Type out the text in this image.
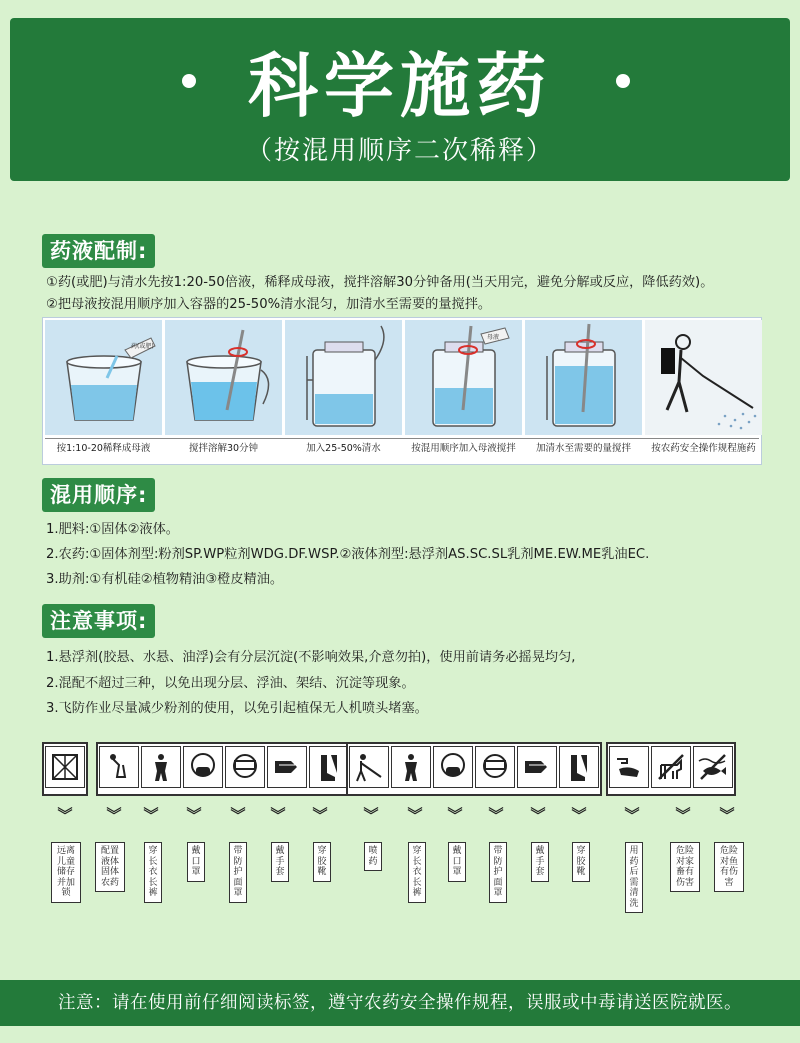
科学施药
（按混用顺序二次稀释）
药液配制:
①药(或肥)与清水先按1:20-50倍液，稀释成母液，搅拌溶解30分钟备用(当天用完，避免分解或反应，降低药效)。
②把母液按混用顺序加入容器的25-50%清水混匀，加清水至需要的量搅拌。
药(或肥)
母液
按1:10-20稀释成母液	搅拌溶解30分钟	加入25-50%清水	按混用顺序加入母液搅拌	加清水至需要的量搅拌	按农药安全操作规程施药
混用顺序:
1.肥料:①固体②液体。
2.农药:①固体剂型:粉剂SP.WP粒剂WDG.DF.WSP.②液体剂型:悬浮剂AS.SC.SL乳剂ME.EW.ME乳油EC.
3.助剂:①有机硅②植物精油③橙皮精油。
注意事项:
1.悬浮剂(胶悬、水悬、油浮)会有分层沉淀(不影响效果,介意勿拍)，使用前请务必摇晃均匀,
2.混配不超过三种，以免出现分层、浮油、架结、沉淀等现象。
3.飞防作业尽量减少粉剂的使用，以免引起植保无人机喷头堵塞。
︾ ︾ ︾ ︾ ︾ ︾ ︾ ︾ ︾ ︾ ︾ ︾ ︾	︾ ︾ ︾
远离儿童储存并加锁
配置液体固体农药
穿长衣长裤
戴口罩
带防护面罩
戴手套
穿胶靴
喷药
穿长衣长裤
戴口罩
带防护面罩
戴手套
穿胶靴
用药后需清洗
危险对家畜有伤害
危险对鱼有伤害
注意：请在使用前仔细阅读标签，遵守农药安全操作规程，误服或中毒请送医院就医。
